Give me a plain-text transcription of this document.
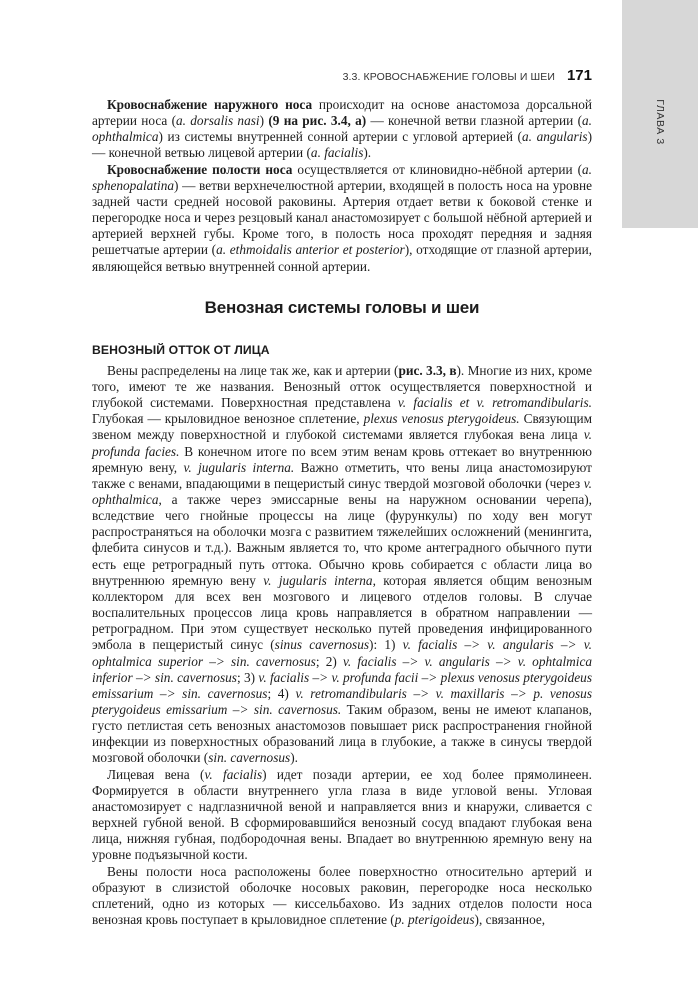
ГЛАВА 3
3.3. КРОВОСНАБЖЕНИЕ ГОЛОВЫ И ШЕИ 171

Кровоснабжение наружного носа происходит на основе анастомоза дорсальной артерии носа (a. dorsalis nasi) (9 на рис. 3.4, а) — конечной ветви глазной артерии (a. ophthalmica) из системы внутренней сонной артерии с угловой артерией (a. angularis) — конечной ветвью лицевой артерии (a. facialis).

Кровоснабжение полости носа осуществляется от клиновидно-нёбной артерии (a. sphenopalatina) — ветви верхнечелюстной артерии, входящей в полость носа на уровне задней части средней носовой раковины. Артерия отдает ветви к боковой стенке и перегородке носа и через резцовый канал анастомозирует с большой нёбной артерией и артерией верхней губы. Кроме того, в полость носа проходят передняя и задняя решетчатые артерии (a. ethmoidalis anterior et posterior), отходящие от глазной артерии, являющейся ветвью внутренней сонной артерии.

Венозная системы головы и шеи
ВЕНОЗНЫЙ ОТТОК ОТ ЛИЦА

Вены распределены на лице так же, как и артерии (рис. 3.3, в). Многие из них, кроме того, имеют те же названия. Венозный отток осуществляется поверхностной и глубокой системами. Поверхностная представлена v. facialis et v. retromandibularis. Глубокая — крыловидное венозное сплетение, plexus venosus pterygoideus. Связующим звеном между поверхностной и глубокой системами является глубокая вена лица v. profunda facies. В конечном итоге по всем этим венам кровь оттекает во внутреннюю яремную вену, v. jugularis interna. Важно отметить, что вены лица анастомозируют также с венами, впадающими в пещеристый синус твердой мозговой оболочки (через v. ophthalmica, а также через эмиссарные вены на наружном основании черепа), вследствие чего гнойные процессы на лице (фурункулы) по ходу вен могут распространяться на оболочки мозга с развитием тяжелейших осложнений (менингита, флебита синусов и т.д.). Важным является то, что кроме антеградного обычного пути есть еще ретроградный путь оттока. Обычно кровь собирается с области лица во внутреннюю яремную вену v. jugularis interna, которая является общим венозным коллектором для всех вен мозгового и лицевого отделов головы. В случае воспалительных процессов лица кровь направляется в обратном направлении — ретроградном. При этом существует несколько путей проведения инфицированного эмбола в пещеристый синус (sinus cavernosus): 1) v. facialis –> v. angularis –> v. ophtalmica superior –> sin. cavernosus; 2) v. facialis –> v. angularis –> v. ophtalmica inferior –> sin. cavernosus; 3) v. facialis –> v. profunda facii –> plexus venosus pterygoideus emissarium –> sin. cavernosus; 4) v. retromandibularis –> v. maxillaris –> p. venosus pterygoideus emissarium –> sin. cavernosus. Таким образом, вены не имеют клапанов, густо петлистая сеть венозных анастомозов повышает риск распространения гнойной инфекции из поверхностных образований лица в глубокие, а также в синусы твердой мозговой оболочки (sin. cavernosus).

Лицевая вена (v. facialis) идет позади артерии, ее ход более прямолинеен. Формируется в области внутреннего угла глаза в виде угловой вены. Угловая анастомозирует с надглазничной веной и направляется вниз и кнаружи, сливается с верхней губной веной. В сформировавшийся венозный сосуд впадают глубокая вена лица, нижняя губная, подбородочная вены. Впадает во внутреннюю яремную вену на уровне подъязычной кости.

Вены полости носа расположены более поверхностно относительно артерий и образуют в слизистой оболочке носовых раковин, перегородке носа несколько сплетений, одно из которых — киссельбахово. Из задних отделов полости носа венозная кровь поступает в крыловидное сплетение (p. pterigoideus), связанное,
